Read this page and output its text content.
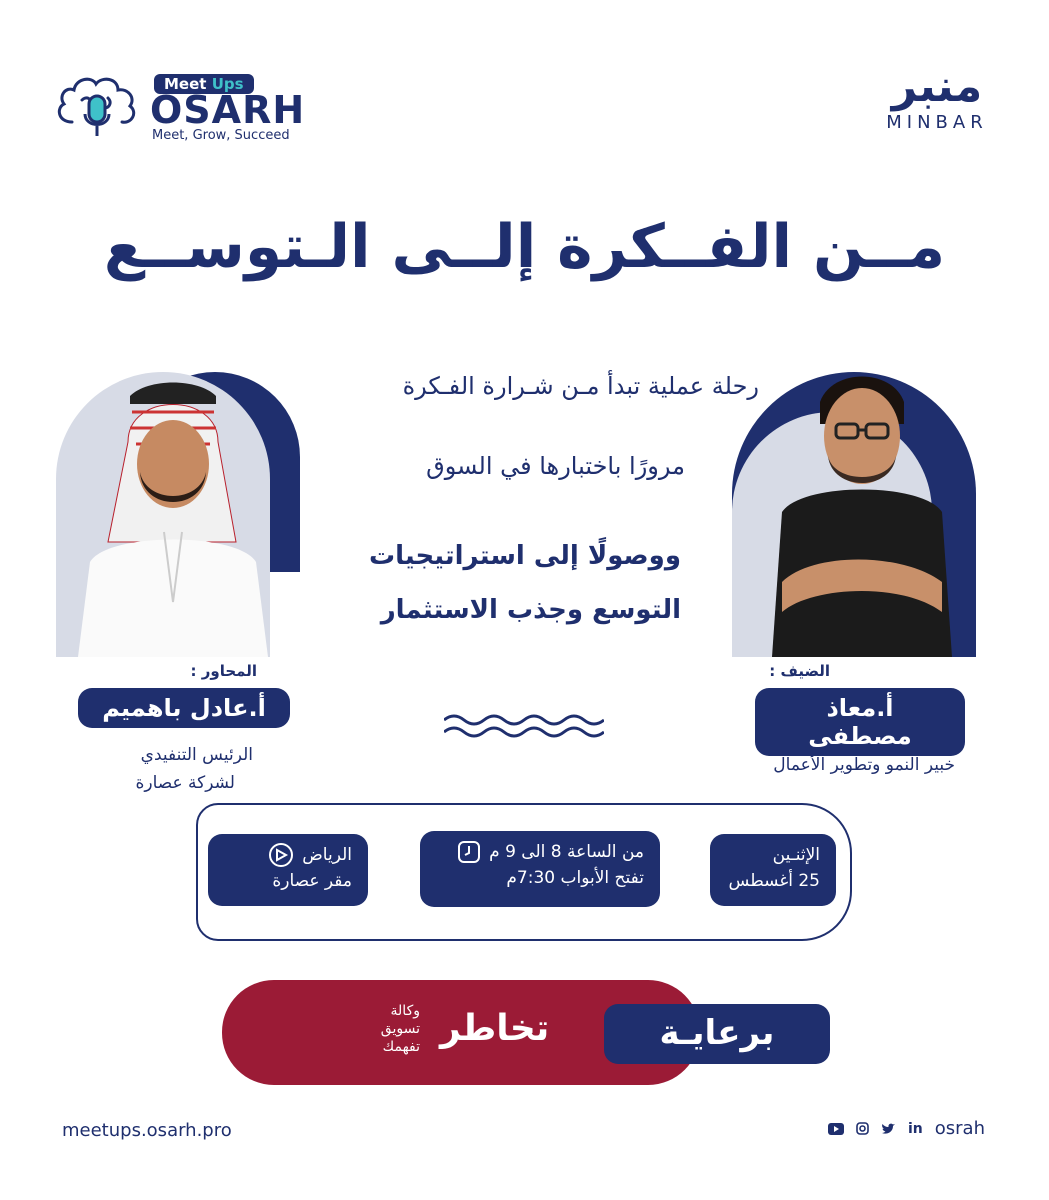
Meet Ups
OSARH
Meet, Grow, Succeed
منبر
MINBAR
مــن الفــكرة إلــى الـتوســع
رحلة عملية تبدأ مـن شـرارة الفـكرة
مرورًا باختبارها في السوق
ووصولًا إلى استراتيجيات
التوسع وجذب الاستثمار
المحاور :
أ.عادل باهميم
الرئيس التنفيدي
لشركة عصارة
الضيف :
أ.معاذ مصطفى
خبير النمو وتطوير الأعمال
الرياض
مقر عصارة
من الساعة 8 الى 9 م
تفتح الأبواب 7:30م
الإثنـين
25 أغسطس
وكالة
تسويق
تفهمك تخاطر	برعايـة
meetups.osarh.pro	in osrah
